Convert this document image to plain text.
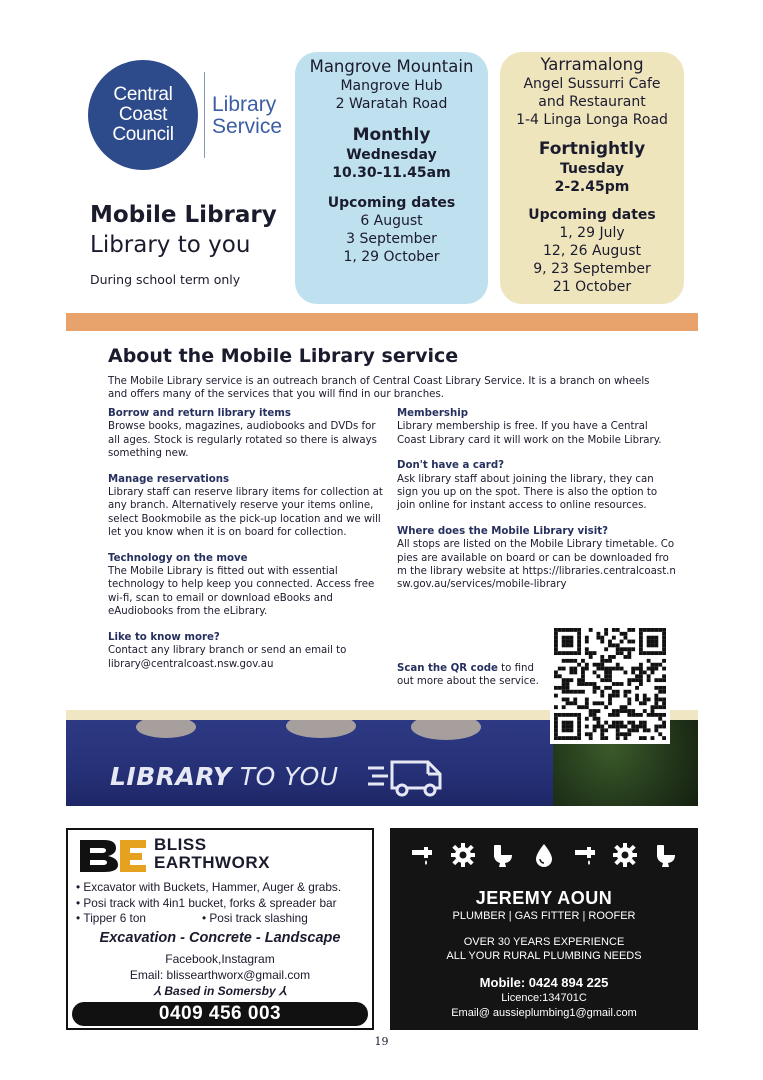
Central
Coast
Council
Library
Service
Mobile Library
Library to you
During school term only
Mangrove Mountain
Mangrove Hub
2 Waratah Road
Monthly
Wednesday
10.30-11.45am
Upcoming dates
6 August
3 September
1, 29 October
Yarramalong
Angel Sussurri Cafe
and Restaurant
1-4 Linga Longa Road
Fortnightly
Tuesday
2-2.45pm
Upcoming dates
1, 29 July
12, 26 August
9, 23 September
21 October
About the Mobile Library service
The Mobile Library service is an outreach branch of Central Coast Library Service. It is a branch on wheels and offers many of the services that you will find in our branches.

Borrow and return library items
Browse books, magazines, audiobooks and DVDs for all ages. Stock is regularly rotated so there is always something new.

Manage reservations
Library staff can reserve library items for collection at any branch. Alternatively reserve your items online, select Bookmobile as the pick-up location and we will let you know when it is on board for collection.

Technology on the move
The Mobile Library is fitted out with essential technology to help keep you connected. Access free wi-fi, scan to email or download eBooks and eAudiobooks from the eLibrary.

Like to know more?
Contact any library branch or send an email to library@centralcoast.nsw.gov.au

Membership
Library membership is free. If you have a Central Coast Library card it will work on the Mobile Library.

Don't have a card?
Ask library staff about joining the library, they can sign you up on the spot. There is also the option to join online for instant access to online resources.

Where does the Mobile Library visit?
All stops are listed on the Mobile Library timetable. Copies are available on board or can be downloaded from the library website at https://libraries.centralcoast.nsw.gov.au/services/mobile-library

Scan the QR code to find out more about the service.
LIBRARY TO YOU
BLISS
EARTHWORX
• Excavator with Buckets, Hammer, Auger & grabs.
• Posi track with 4in1 bucket, forks & spreader bar
• Tipper 6 ton	• Posi track slashing
Excavation - Concrete - Landscape
Facebook,Instagram
Email: blissearthworx@gmail.com
⅄ Based in Somersby ⅄
0409 456 003
JEREMY AOUN
PLUMBER | GAS FITTER | ROOFER
OVER 30 YEARS EXPERIENCE
ALL YOUR RURAL PLUMBING NEEDS
Mobile: 0424 894 225
Licence:134701C
Email@ aussieplumbing1@gmail.com
19
